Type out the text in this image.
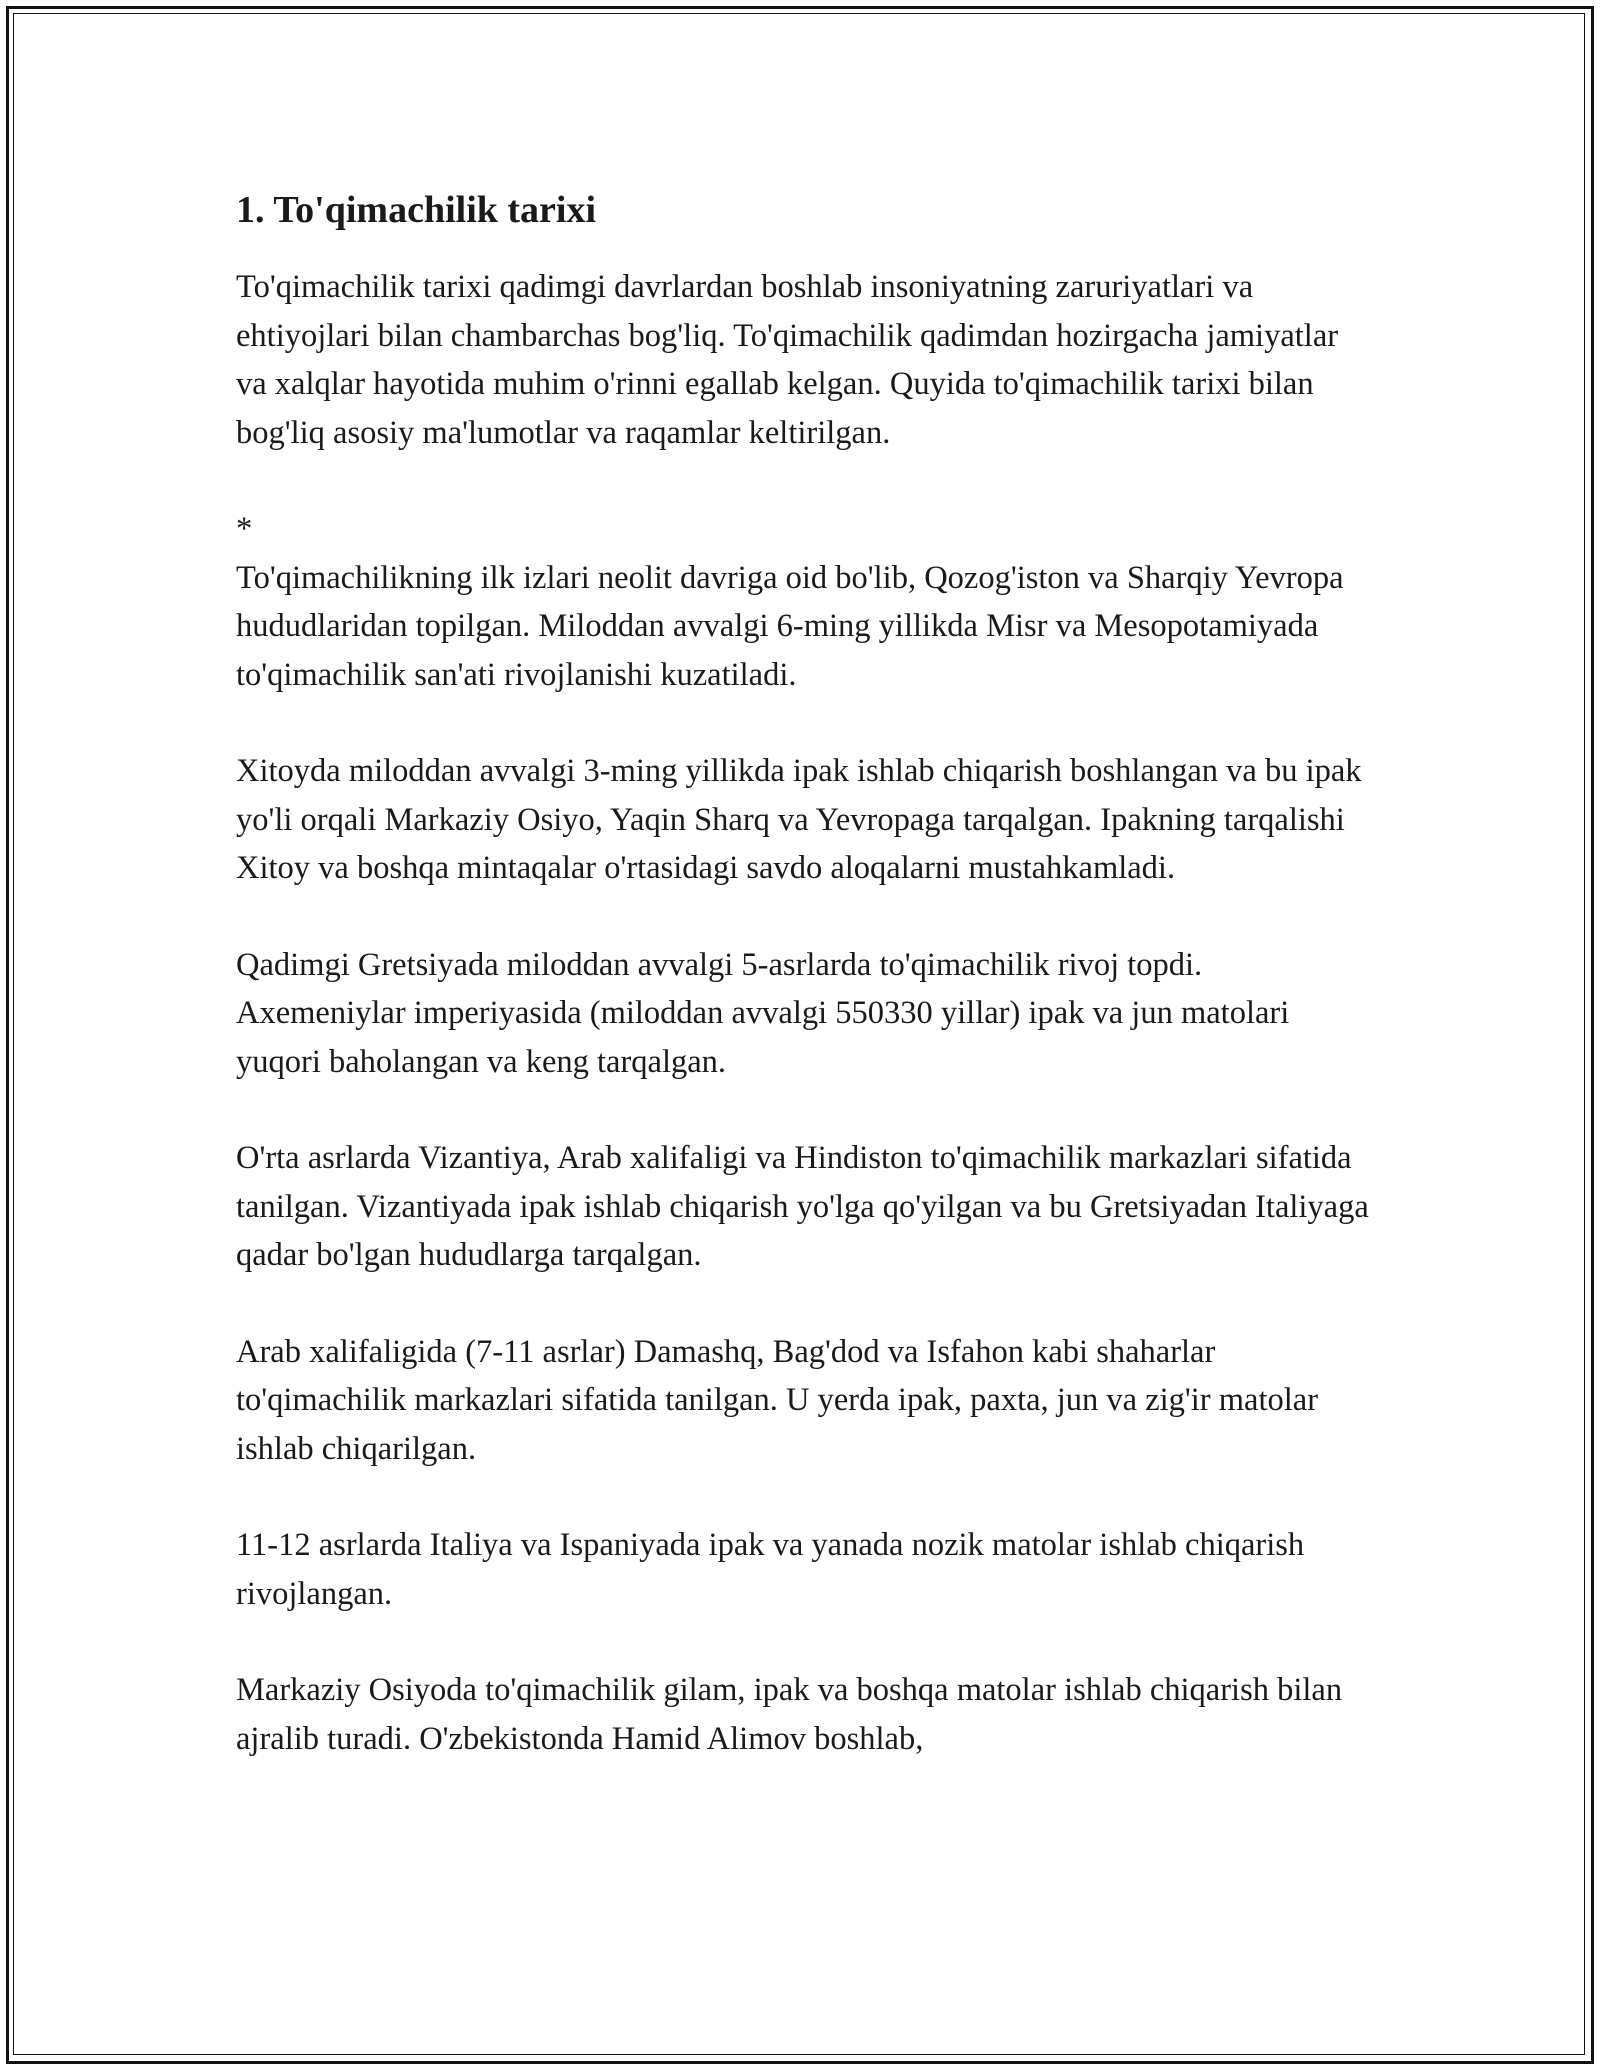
1. To'qimachilik tarixi

To'qimachilik tarixi qadimgi davrlardan boshlab insoniyatning zaruriyatlari va ehtiyojlari bilan chambarchas bog'liq. To'qimachilik qadimdan hozirgacha jamiyatlar va xalqlar hayotida muhim o'rinni egallab kelgan. Quyida to'qimachilik tarixi bilan bog'liq asosiy ma'lumotlar va raqamlar keltirilgan.

*

To'qimachilikning ilk izlari neolit davriga oid bo'lib, Qozog'iston va Sharqiy Yevropa hududlaridan topilgan. Miloddan avvalgi 6-ming yillikda Misr va Mesopotamiyada to'qimachilik san'ati rivojlanishi kuzatiladi.

Xitoyda miloddan avvalgi 3-ming yillikda ipak ishlab chiqarish boshlangan va bu ipak yo'li orqali Markaziy Osiyo, Yaqin Sharq va Yevropaga tarqalgan. Ipakning tarqalishi Xitoy va boshqa mintaqalar o'rtasidagi savdo aloqalarni mustahkamladi.

Qadimgi Gretsiyada miloddan avvalgi 5-asrlarda to'qimachilik rivoj topdi. Axemeniylar imperiyasida (miloddan avvalgi 550330 yillar) ipak va jun matolari yuqori baholangan va keng tarqalgan.

O'rta asrlarda Vizantiya, Arab xalifaligi va Hindiston to'qimachilik markazlari sifatida tanilgan. Vizantiyada ipak ishlab chiqarish yo'lga qo'yilgan va bu Gretsiyadan Italiyaga qadar bo'lgan hududlarga tarqalgan.

Arab xalifaligida (7-11 asrlar) Damashq, Bag'dod va Isfahon kabi shaharlar to'qimachilik markazlari sifatida tanilgan. U yerda ipak, paxta, jun va zig'ir matolar ishlab chiqarilgan.

11-12 asrlarda Italiya va Ispaniyada ipak va yanada nozik matolar ishlab chiqarish rivojlangan.

Markaziy Osiyoda to'qimachilik gilam, ipak va boshqa matolar ishlab chiqarish bilan ajralib turadi. O'zbekistonda Hamid Alimov boshlab,
